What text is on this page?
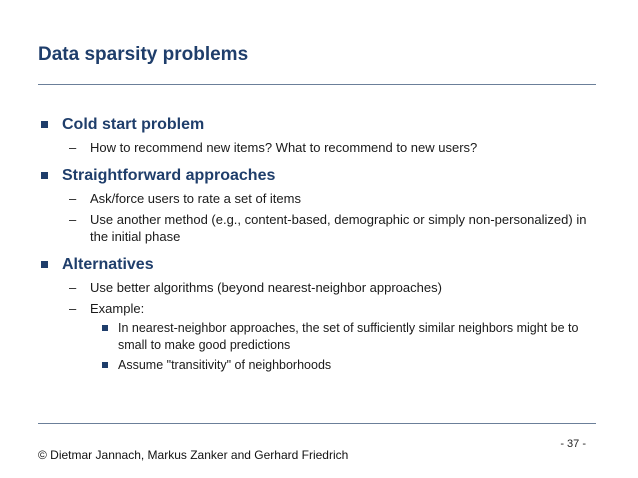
Data sparsity problems
Cold start problem
– How to recommend new items? What to recommend to new users?
Straightforward approaches
– Ask/force users to rate a set of items
– Use another method (e.g., content-based, demographic or simply non-personalized) in the initial phase
Alternatives
– Use better algorithms (beyond nearest-neighbor approaches)
– Example:
In nearest-neighbor approaches, the set of sufficiently similar neighbors might be to small to make good predictions
Assume "transitivity" of neighborhoods
- 37 -
© Dietmar Jannach, Markus Zanker and Gerhard Friedrich
